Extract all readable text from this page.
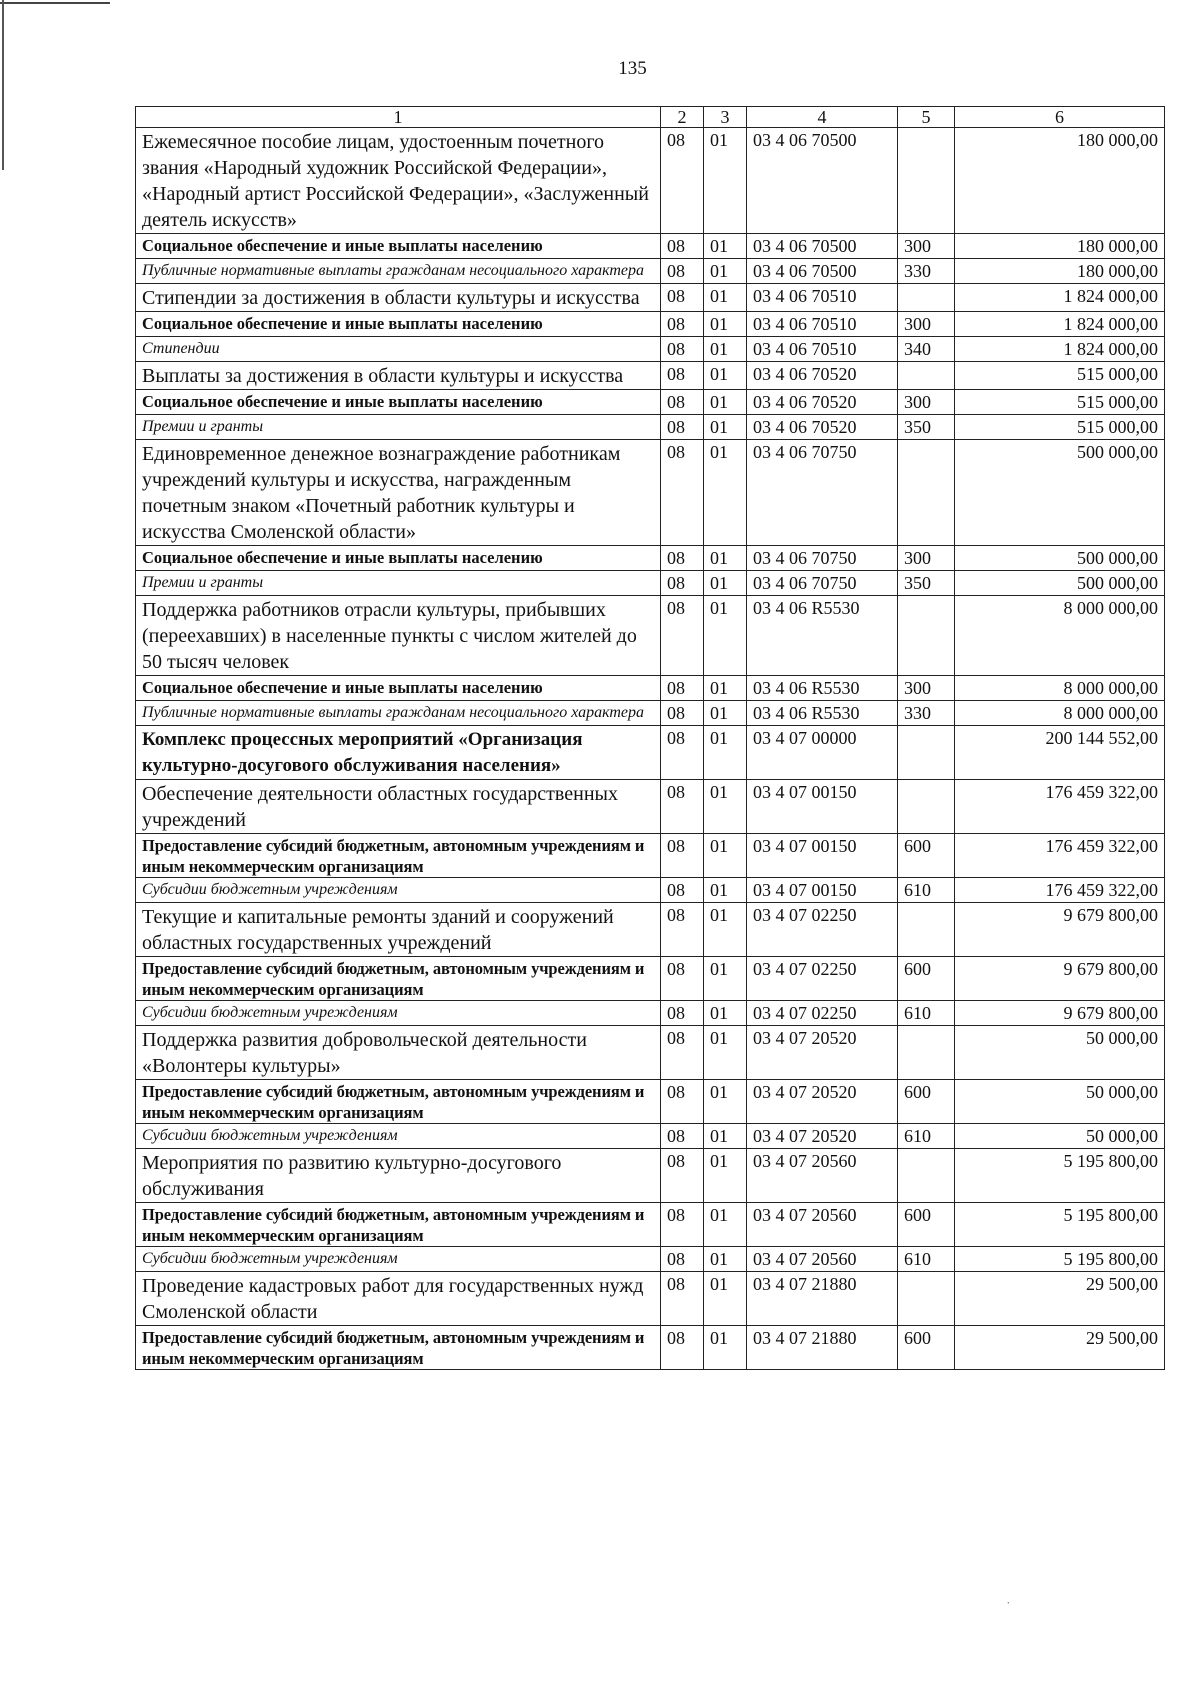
135
1	2	3	4	5	6
Ежемесячное пособие лицам, удостоенным почетного звания «Народный художник Российской Федерации», «Народный артист Российской Федерации», «Заслуженный деятель искусств»	08	01	03 4 06 70500		180 000,00
Социальное обеспечение и иные выплаты населению	08	01	03 4 06 70500	300	180 000,00
Публичные нормативные выплаты гражданам несоциального характера	08	01	03 4 06 70500	330	180 000,00
Стипендии за достижения в области культуры и искусства	08	01	03 4 06 70510		1 824 000,00
Социальное обеспечение и иные выплаты населению	08	01	03 4 06 70510	300	1 824 000,00
Стипендии	08	01	03 4 06 70510	340	1 824 000,00
Выплаты за достижения в области культуры и искусства	08	01	03 4 06 70520		515 000,00
Социальное обеспечение и иные выплаты населению	08	01	03 4 06 70520	300	515 000,00
Премии и гранты	08	01	03 4 06 70520	350	515 000,00
Единовременное денежное вознаграждение работникам учреждений культуры и искусства, награжденным почетным знаком «Почетный работник культуры и искусства Смоленской области»	08	01	03 4 06 70750		500 000,00
Социальное обеспечение и иные выплаты населению	08	01	03 4 06 70750	300	500 000,00
Премии и гранты	08	01	03 4 06 70750	350	500 000,00
Поддержка работников отрасли культуры, прибывших (переехавших) в населенные пункты с числом жителей до 50 тысяч человек	08	01	03 4 06 R5530		8 000 000,00
Социальное обеспечение и иные выплаты населению	08	01	03 4 06 R5530	300	8 000 000,00
Публичные нормативные выплаты гражданам несоциального характера	08	01	03 4 06 R5530	330	8 000 000,00
Комплекс процессных мероприятий «Организация культурно-досугового обслуживания населения»	08	01	03 4 07 00000		200 144 552,00
Обеспечение деятельности областных государственных учреждений	08	01	03 4 07 00150		176 459 322,00
Предоставление субсидий бюджетным, автономным учреждениям и иным некоммерческим организациям	08	01	03 4 07 00150	600	176 459 322,00
Субсидии бюджетным учреждениям	08	01	03 4 07 00150	610	176 459 322,00
Текущие и капитальные ремонты зданий и сооружений областных государственных учреждений	08	01	03 4 07 02250		9 679 800,00
Предоставление субсидий бюджетным, автономным учреждениям и иным некоммерческим организациям	08	01	03 4 07 02250	600	9 679 800,00
Субсидии бюджетным учреждениям	08	01	03 4 07 02250	610	9 679 800,00
Поддержка развития добровольческой деятельности «Волонтеры культуры»	08	01	03 4 07 20520		50 000,00
Предоставление субсидий бюджетным, автономным учреждениям и иным некоммерческим организациям	08	01	03 4 07 20520	600	50 000,00
Субсидии бюджетным учреждениям	08	01	03 4 07 20520	610	50 000,00
Мероприятия по развитию культурно-досугового обслуживания	08	01	03 4 07 20560		5 195 800,00
Предоставление субсидий бюджетным, автономным учреждениям и иным некоммерческим организациям	08	01	03 4 07 20560	600	5 195 800,00
Субсидии бюджетным учреждениям	08	01	03 4 07 20560	610	5 195 800,00
Проведение кадастровых работ для государственных нужд Смоленской области	08	01	03 4 07 21880		29 500,00
Предоставление субсидий бюджетным, автономным учреждениям и иным некоммерческим организациям	08	01	03 4 07 21880	600	29 500,00
˙
